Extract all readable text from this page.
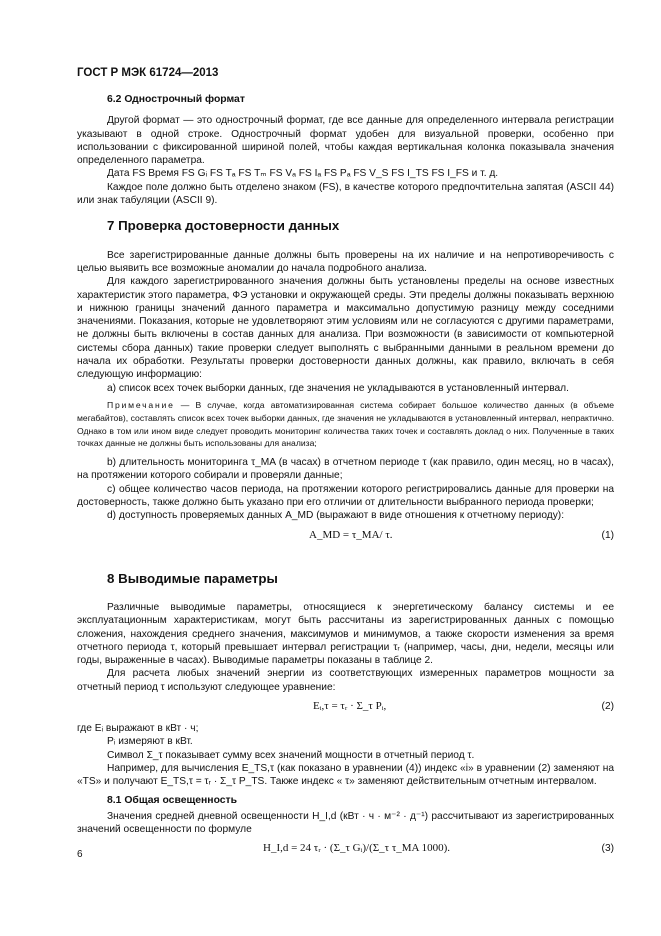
ГОСТ Р МЭК 61724—2013
6.2 Однострочный формат

Другой формат — это однострочный формат, где все данные для определенного интервала регистрации указывают в одной строке. Однострочный формат удобен для визуальной проверки, особенно при использовании с фиксированной шириной полей, чтобы каждая вертикальная колонка показывала значения определенного параметра.

Дата FS Время FS Gᵢ FS Tₐ FS Tₘ FS Vₐ FS Iₐ FS Pₐ FS V_S FS I_TS FS I_FS и т. д.

Каждое поле должно быть отделено знаком (FS), в качестве которого предпочтительна запятая (ASCII 44) или знак табуляции (ASCII 9).

7 Проверка достоверности данных

Все зарегистрированные данные должны быть проверены на их наличие и на непротиворечивость с целью выявить все возможные аномалии до начала подробного анализа.

Для каждого зарегистрированного значения должны быть установлены пределы на основе известных характеристик этого параметра, ФЭ установки и окружающей среды. Эти пределы должны показывать верхнюю и нижнюю границы значений данного параметра и максимально допустимую разницу между соседними значениями. Показания, которые не удовлетворяют этим условиям или не согласуются с другими параметрами, не должны быть включены в состав данных для анализа. При возможности (в зависимости от компьютерной системы сбора данных) такие проверки следует выполнять с выбранными данными в реальном времени до начала их обработки. Результаты проверки достоверности данных должны, как правило, включать в себя следующую информацию:

a) список всех точек выборки данных, где значения не укладываются в установленный интервал.

Примечание — В случае, когда автоматизированная система собирает большое количество данных (в объеме мегабайтов), составлять список всех точек выборки данных, где значения не укладываются в установленный интервал, непрактично. Однако в том или ином виде следует проводить мониторинг количества таких точек и составлять доклад о них. Полученные в таких точках данные не должны быть использованы для анализа;

b) длительность мониторинга τ_MA (в часах) в отчетном периоде τ (как правило, один месяц, но в часах), на протяжении которого собирали и проверяли данные;

c) общее количество часов периода, на протяжении которого регистрировались данные для проверки на достоверность, также должно быть указано при его отличии от длительности выбранного периода проверки;

d) доступность проверяемых данных A_MD (выражают в виде отношения к отчетному периоду):

A_MD = τ_MA/ τ.	(1)
8 Выводимые параметры

Различные выводимые параметры, относящиеся к энергетическому балансу системы и ее эксплуатационным характеристикам, могут быть рассчитаны из зарегистрированных данных с помощью сложения, нахождения среднего значения, максимумов и минимумов, а также скорости изменения за время отчетного периода τ, который превышает интервал регистрации τᵣ (например, часы, дни, недели, месяцы или годы, выраженные в часах). Выводимые параметры показаны в таблице 2.

Для расчета любых значений энергии из соответствующих измеренных параметров мощности за отчетный период τ используют следующее уравнение:

Eᵢ,τ = τᵣ · Σ_τ Pᵢ,	(2)

где Eᵢ выражают в кВт · ч;

Pᵢ измеряют в кВт.

Символ Σ_τ показывает сумму всех значений мощности в отчетный период τ.

Например, для вычисления E_TS,τ (как показано в уравнении (4)) индекс «i» в уравнении (2) заменяют на «TS» и получают E_TS,τ = τᵣ · Σ_τ P_TS. Также индекс « τ» заменяют действительным отчетным интервалом.

8.1 Общая освещенность

Значения средней дневной освещенности H_I,d (кВт · ч · м⁻² · д⁻¹) рассчитывают из зарегистрированных значений освещенности по формуле

H_I,d = 24 τᵣ · (Σ_τ Gᵢ)/(Σ_τ τ_MA 1000).	(3)
6
